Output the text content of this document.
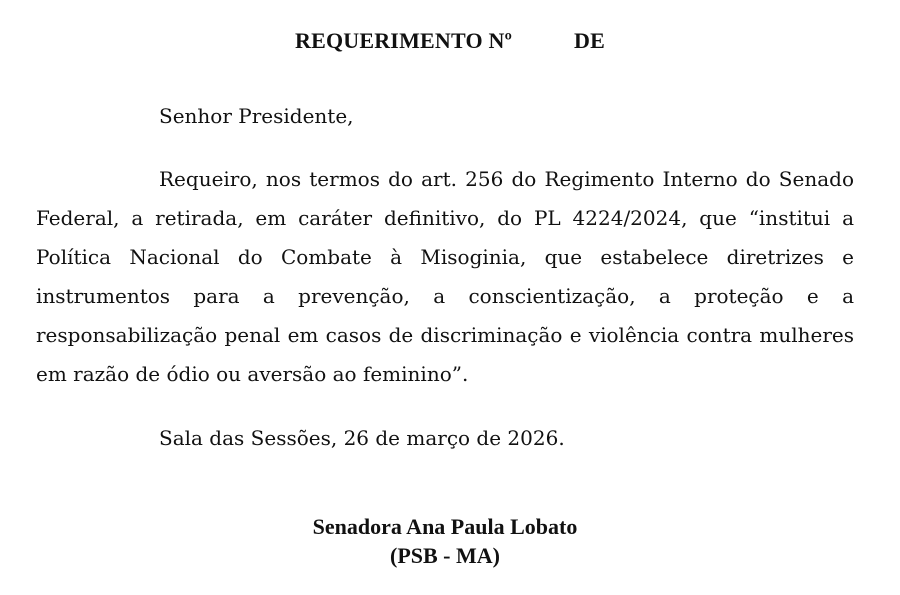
REQUERIMENTO Nº	DE
Senhor Presidente,
Requeiro, nos termos do art. 256 do Regimento Interno do Senado Federal, a retirada, em caráter definitivo, do PL 4224/2024, que “institui a Política Nacional do Combate à Misoginia, que estabelece diretrizes e instrumentos para a prevenção, a conscientização, a proteção e a responsabilização penal em casos de discriminação e violência contra mulheres em razão de ódio ou aversão ao feminino”.
Sala das Sessões, 26 de março de 2026.
Senadora Ana Paula Lobato
(PSB - MA)
